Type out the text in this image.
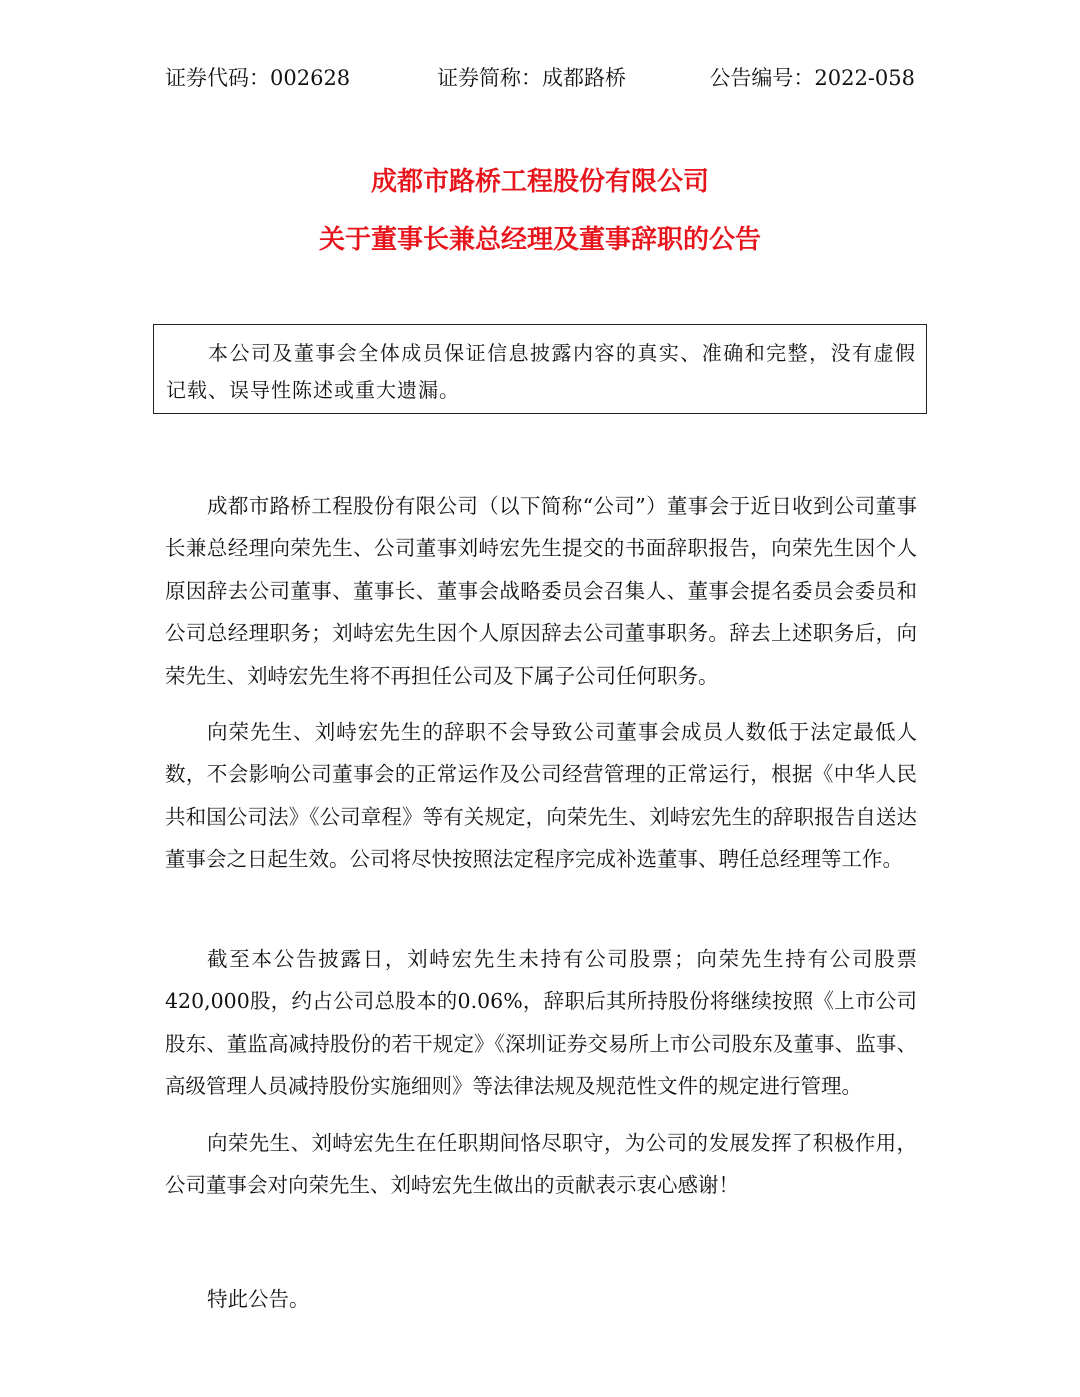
证券代码：002628	证券简称：成都路桥	公告编号：2022-058
成都市路桥工程股份有限公司
关于董事长兼总经理及董事辞职的公告

本公司及董事会全体成员保证信息披露内容的真实、准确和完整，没有虚假记载、误导性陈述或重大遗漏。

成都市路桥工程股份有限公司（以下简称“公司”）董事会于近日收到公司董事长兼总经理向荣先生、公司董事刘峙宏先生提交的书面辞职报告，向荣先生因个人原因辞去公司董事、董事长、董事会战略委员会召集人、董事会提名委员会委员和公司总经理职务；刘峙宏先生因个人原因辞去公司董事职务。辞去上述职务后，向荣先生、刘峙宏先生将不再担任公司及下属子公司任何职务。

向荣先生、刘峙宏先生的辞职不会导致公司董事会成员人数低于法定最低人数，不会影响公司董事会的正常运作及公司经营管理的正常运行，根据《中华人民共和国公司法》《公司章程》等有关规定，向荣先生、刘峙宏先生的辞职报告自送达董事会之日起生效。公司将尽快按照法定程序完成补选董事、聘任总经理等工作。

截至本公告披露日，刘峙宏先生未持有公司股票；向荣先生持有公司股票420,000股，约占公司总股本的0.06%，辞职后其所持股份将继续按照《上市公司股东、董监高减持股份的若干规定》《深圳证券交易所上市公司股东及董事、监事、高级管理人员减持股份实施细则》等法律法规及规范性文件的规定进行管理。

向荣先生、刘峙宏先生在任职期间恪尽职守，为公司的发展发挥了积极作用，公司董事会对向荣先生、刘峙宏先生做出的贡献表示衷心感谢！

特此公告。
